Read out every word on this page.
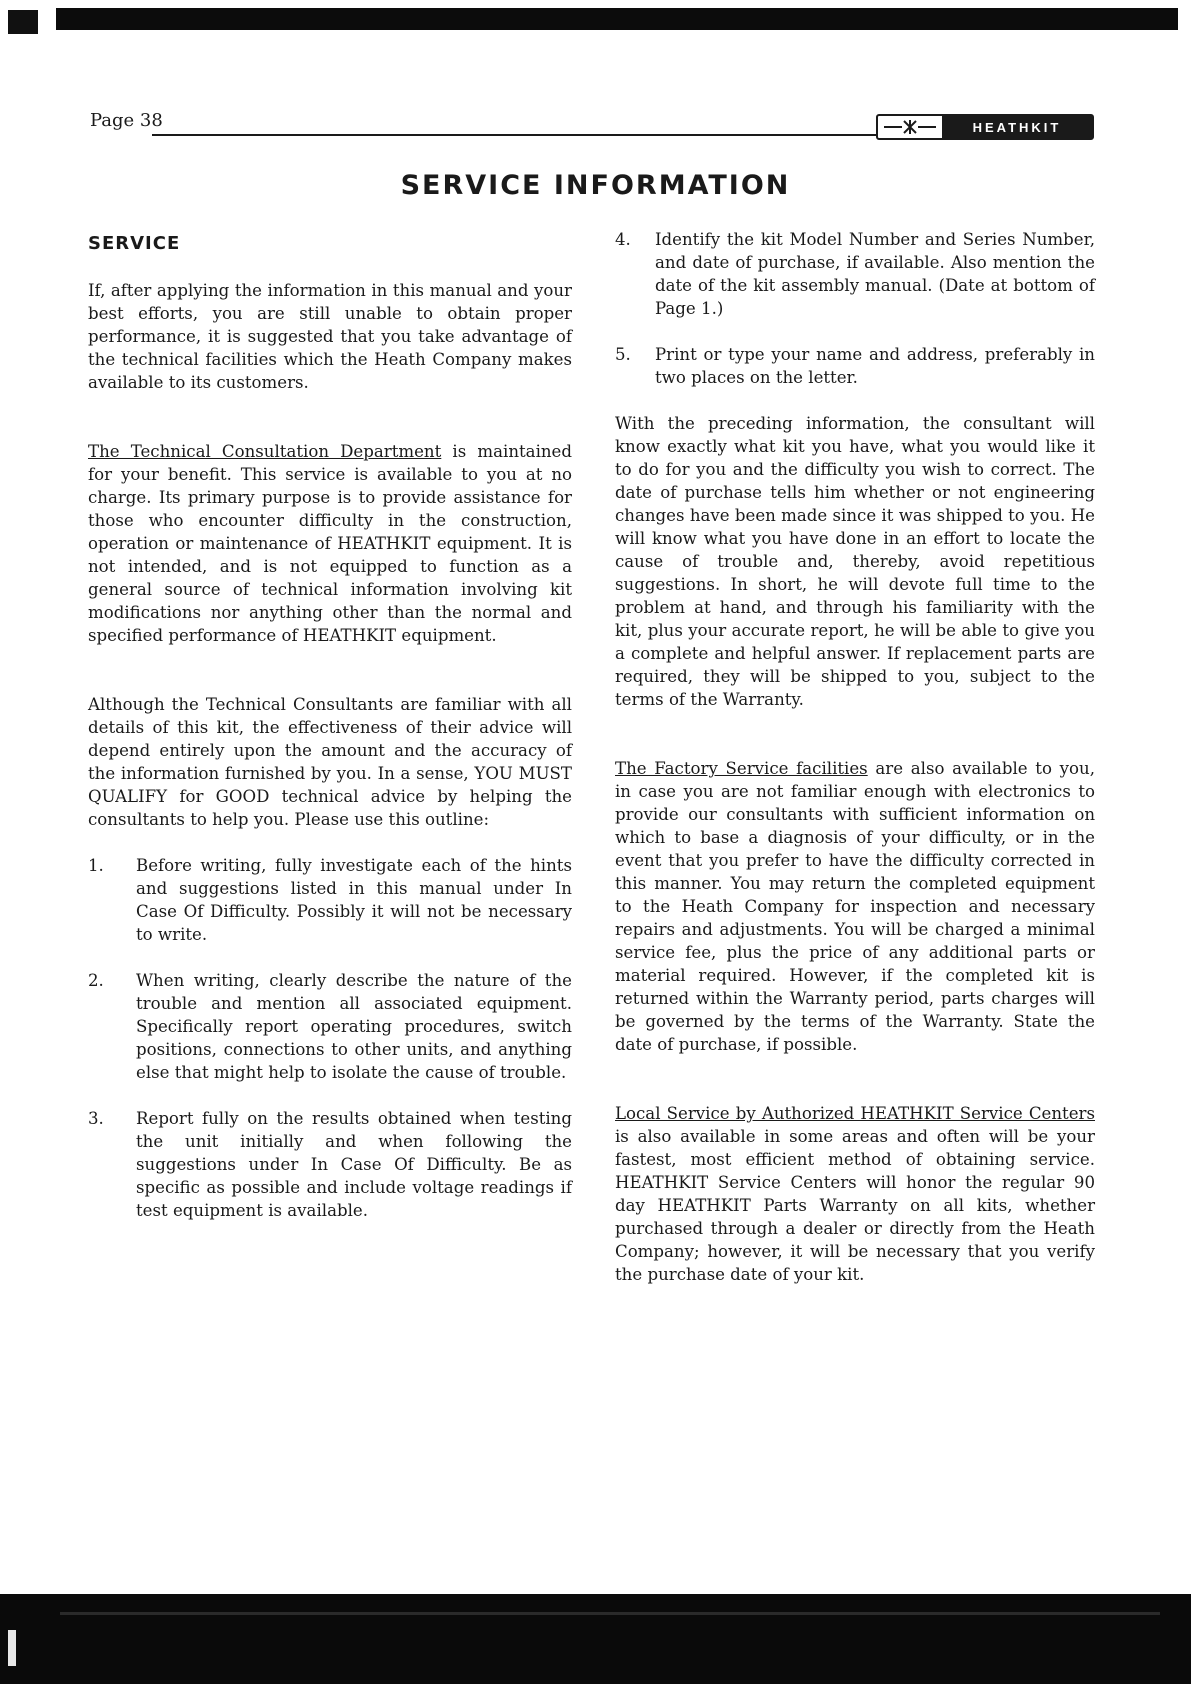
Page 38	HEATHKIT
SERVICE INFORMATION
SERVICE

If, after applying the information in this manual and your best efforts, you are still unable to obtain proper performance, it is suggested that you take advantage of the technical facilities which the Heath Company makes available to its customers.

The Technical Consultation Department is maintained for your benefit. This service is available to you at no charge. Its primary purpose is to provide assistance for those who encounter difficulty in the construction, operation or maintenance of HEATHKIT equipment. It is not intended, and is not equipped to function as a general source of technical information involving kit modifications nor anything other than the normal and specified performance of HEATHKIT equipment.

Although the Technical Consultants are familiar with all details of this kit, the effectiveness of their advice will depend entirely upon the amount and the accuracy of the information furnished by you. In a sense, YOU MUST QUALIFY for GOOD technical advice by helping the consultants to help you. Please use this outline:

1.	Before writing, fully investigate each of the hints and suggestions listed in this manual under In Case Of Difficulty. Possibly it will not be necessary to write.
2.	When writing, clearly describe the nature of the trouble and mention all associated equipment. Specifically report operating procedures, switch positions, connections to other units, and anything else that might help to isolate the cause of trouble.
3.	Report fully on the results obtained when testing the unit initially and when following the suggestions under In Case Of Difficulty. Be as specific as possible and include voltage readings if test equipment is available.
4.	Identify the kit Model Number and Series Number, and date of purchase, if available. Also mention the date of the kit assembly manual. (Date at bottom of Page 1.)
5.	Print or type your name and address, preferably in two places on the letter.

With the preceding information, the consultant will know exactly what kit you have, what you would like it to do for you and the difficulty you wish to correct. The date of purchase tells him whether or not engineering changes have been made since it was shipped to you. He will know what you have done in an effort to locate the cause of trouble and, thereby, avoid repetitious suggestions. In short, he will devote full time to the problem at hand, and through his familiarity with the kit, plus your accurate report, he will be able to give you a complete and helpful answer. If replacement parts are required, they will be shipped to you, subject to the terms of the Warranty.

The Factory Service facilities are also available to you, in case you are not familiar enough with electronics to provide our consultants with sufficient information on which to base a diagnosis of your difficulty, or in the event that you prefer to have the difficulty corrected in this manner. You may return the completed equipment to the Heath Company for inspection and necessary repairs and adjustments. You will be charged a minimal service fee, plus the price of any additional parts or material required. However, if the completed kit is returned within the Warranty period, parts charges will be governed by the terms of the Warranty. State the date of purchase, if possible.

Local Service by Authorized HEATHKIT Service Centers is also available in some areas and often will be your fastest, most efficient method of obtaining service. HEATHKIT Service Centers will honor the regular 90 day HEATHKIT Parts Warranty on all kits, whether purchased through a dealer or directly from the Heath Company; however, it will be necessary that you verify the purchase date of your kit.
